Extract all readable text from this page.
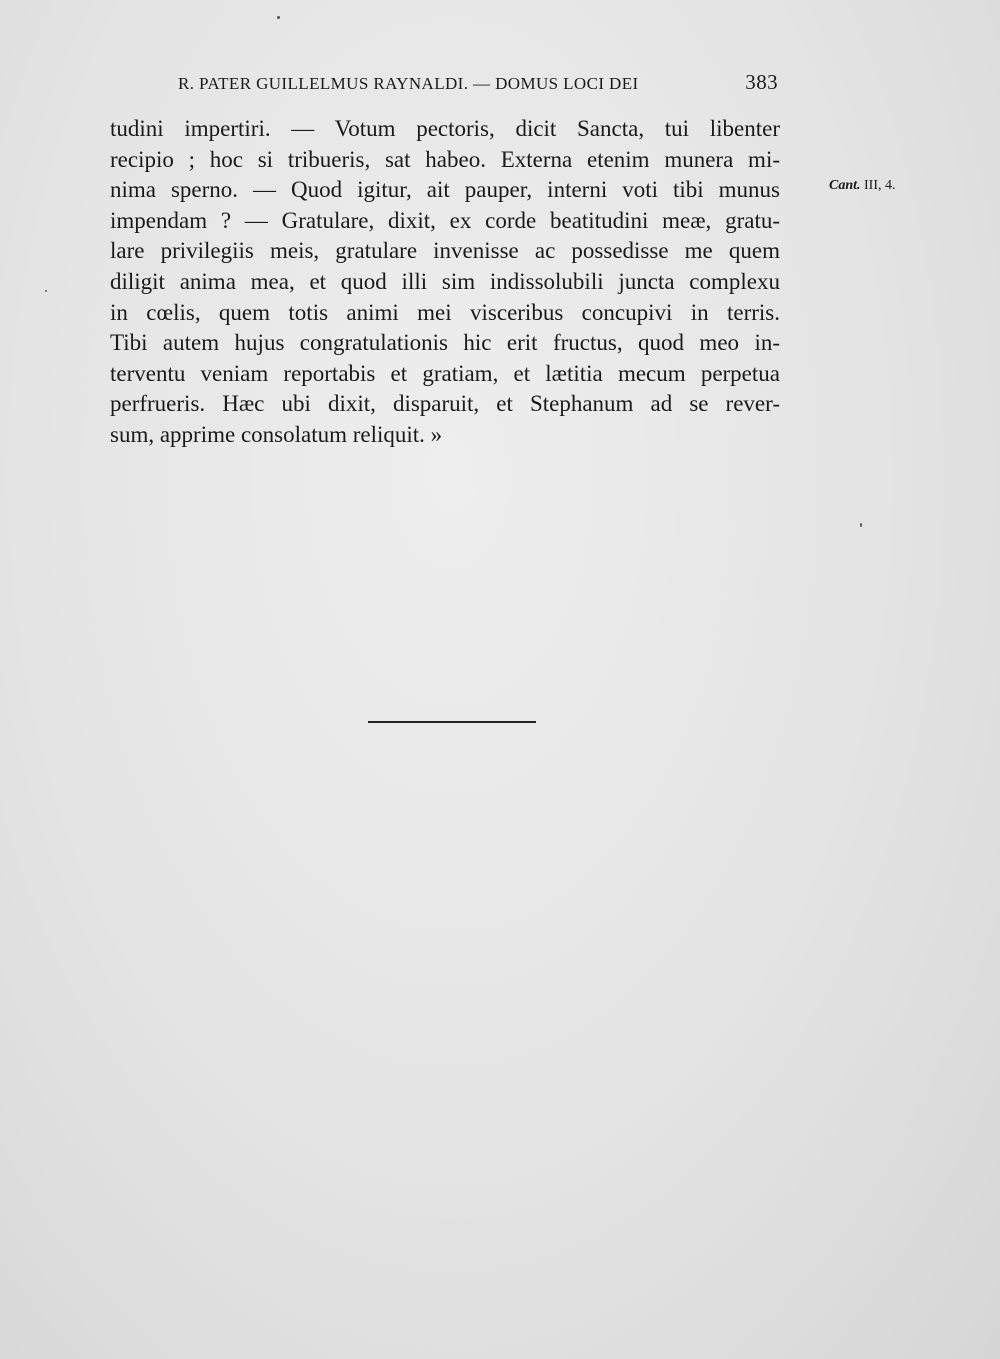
R. PATER GUILLELMUS RAYNALDI. — DOMUS LOCI DEI	383
tudini impertiri. — Votum pectoris, dicit Sancta, tui libenter
recipio ; hoc si tribueris, sat habeo. Externa etenim munera mi-
nima sperno. — Quod igitur, ait pauper, interni voti tibi munus
impendam ? — Gratulare, dixit, ex corde beatitudini meæ, gratu-
lare privilegiis meis, gratulare invenisse ac possedisse me quem
diligit anima mea, et quod illi sim indissolubili juncta complexu
in cœlis, quem totis animi mei visceribus concupivi in terris.
Tibi autem hujus congratulationis hic erit fructus, quod meo in-
terventu veniam reportabis et gratiam, et lætitia mecum perpetua
perfrueris. Hæc ubi dixit, disparuit, et Stephanum ad se rever-
sum, apprime consolatum reliquit. »
Cant. III, 4.
